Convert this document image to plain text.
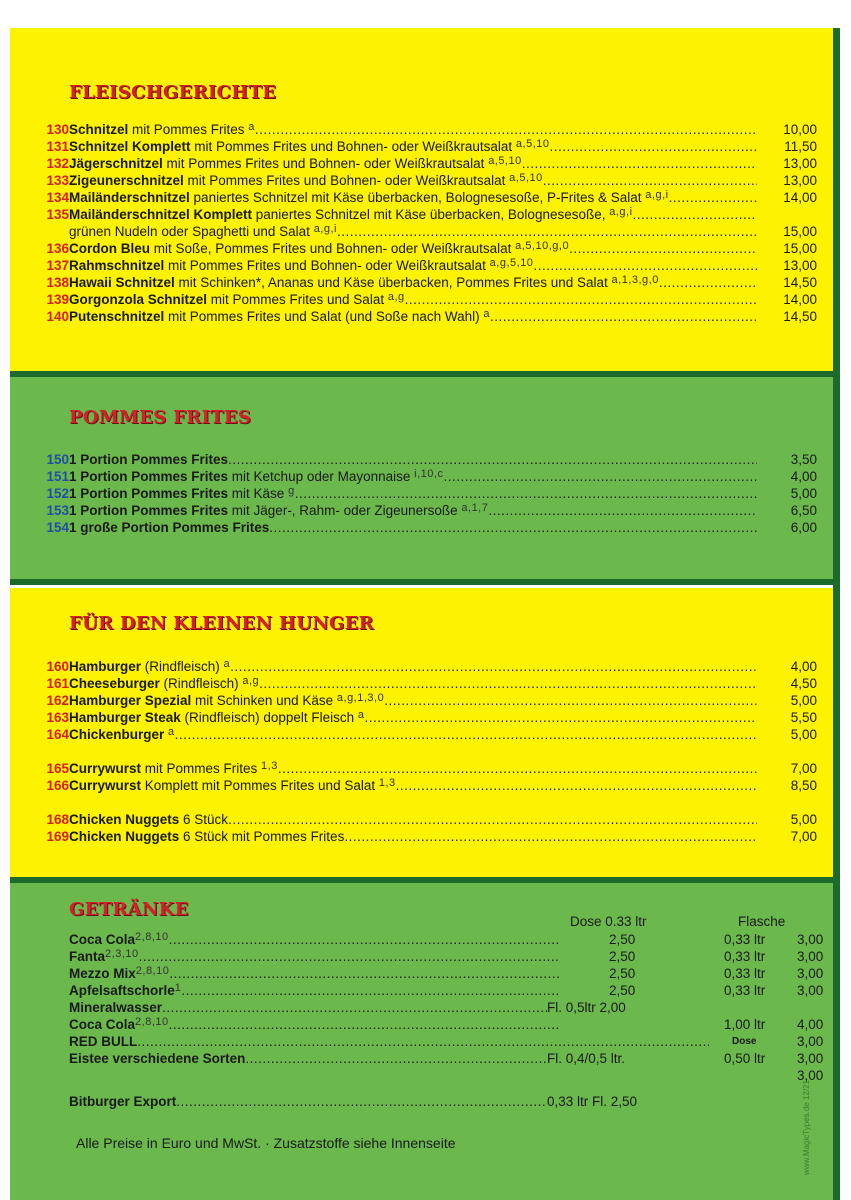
FLEISCHGERICHTE
130 Schnitzel mit Pommes Frites $^a$ .....	10,00
131 Schnitzel Komplett mit Pommes Frites und Bohnen- oder Weißkrautsalat $^{a,5,10}$ .....	11,50
132 Jägerschnitzel mit Pommes Frites und Bohnen- oder Weißkrautsalat $^{a,5,10}$ .....	13,00
133 Zigeunerschnitzel mit Pommes Frites und Bohnen- oder Weißkrautsalat $^{a,5,10}$ .....	13,00
134 Mailänderschnitzel paniertes Schnitzel mit Käse überbacken, Bolognesesoße, P-Frites & Salat $^{a,g,i}$ .....	14,00
135 Mailänderschnitzel Komplett paniertes Schnitzel mit Käse überbacken, Bolognesesoße, $^{a,g,i}$ .....
grünen Nudeln oder Spaghetti und Salat $^{a,g,i}$ .....	15,00
136 Cordon Bleu mit Soße, Pommes Frites und Bohnen- oder Weißkrautsalat $^{a,5,10,g,0}$ .....	15,00
137 Rahmschnitzel mit Pommes Frites und Bohnen- oder Weißkrautsalat $^{a,g,5,10}$ .....	13,00
138 Hawaii Schnitzel mit Schinken*, Ananas und Käse überbacken, Pommes Frites und Salat $^{a,1,3,g,0}$ .....	14,50
139 Gorgonzola Schnitzel mit Pommes Frites und Salat $^{a,g}$ .....	14,00
140 Putenschnitzel mit Pommes Frites und Salat (und Soße nach Wahl) $^a$ .....	14,50
POMMES FRITES
150 1 Portion Pommes Frites .....	3,50
151 1 Portion Pommes Frites mit Ketchup oder Mayonnaise $^{i,10,c}$ .....	4,00
152 1 Portion Pommes Frites mit Käse $^g$ .....	5,00
153 1 Portion Pommes Frites mit Jäger-, Rahm- oder Zigeunersoße $^{a,1,7}$ .....	6,50
154 1 große Portion Pommes Frites .....	6,00
FÜR DEN KLEINEN HUNGER
160 Hamburger (Rindfleisch) $^a$ .....	4,00
161 Cheeseburger (Rindfleisch) $^{a,g}$ .....	4,50
162 Hamburger Spezial mit Schinken und Käse $^{a,g,1,3,0}$ .....	5,00
163 Hamburger Steak (Rindfleisch) doppelt Fleisch $^a$ .....	5,50
164 Chickenburger $^a$ .....	5,00
165 Currywurst mit Pommes Frites $^{1,3}$ .....	7,00
166 Currywurst Komplett mit Pommes Frites und Salat $^{1,3}$ .....	8,50
168 Chicken Nuggets 6 Stück .....	5,00
169 Chicken Nuggets 6 Stück mit Pommes Frites .....	7,00
GETRÄNKE
Dose 0.33 ltr	Flasche
Coca Cola$^{2,8,10}$ .....	2,50	0,33 ltr 3,00
Fanta$^{2,3,10}$ .....	2,50	0,33 ltr 3,00
Mezzo Mix$^{2,8,10}$ .....	2,50	0,33 ltr 3,00
Apfelsaftschorle$^1$ .....	2,50	0,33 ltr 3,00
Mineralwasser .....	Fl. 0,5ltr 2,00
Coca Cola$^{2,8,10}$ .....	1,00 ltr 4,00
RED BULL .....	Dose	3,00
Eistee verschiedene Sorten .....	Fl. 0,4/0,5 ltr.	0,50 ltr 3,00
3,00
Bitburger Export .....	0,33 ltr Fl. 2,50
Alle Preise in Euro und MwSt. · Zusatzstoffe siehe Innenseite	www.MagicTypes.de 12/21
